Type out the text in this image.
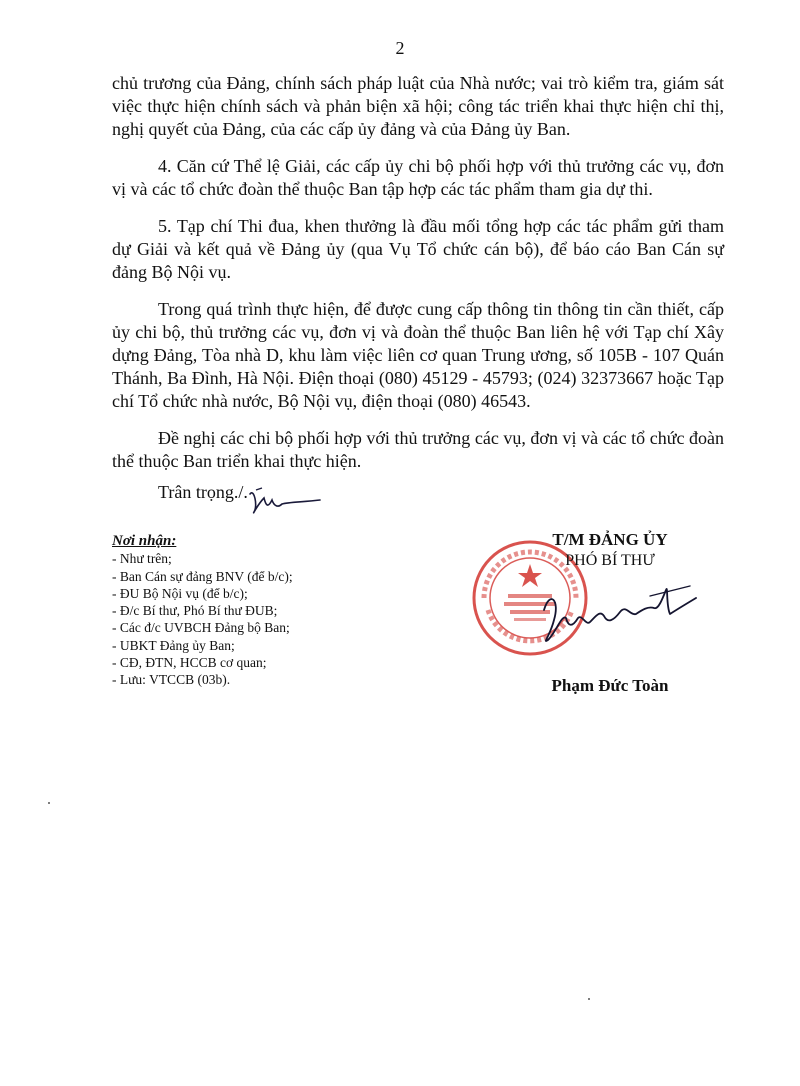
2

chủ trương của Đảng, chính sách pháp luật của Nhà nước; vai trò kiểm tra, giám sát việc thực hiện chính sách và phản biện xã hội; công tác triển khai thực hiện chỉ thị, nghị quyết của Đảng, của các cấp ủy đảng và của Đảng ủy Ban.

4. Căn cứ Thể lệ Giải, các cấp ủy chi bộ phối hợp với thủ trưởng các vụ, đơn vị và các tổ chức đoàn thể thuộc Ban tập hợp các tác phẩm tham gia dự thi.

5. Tạp chí Thi đua, khen thưởng là đầu mối tổng hợp các tác phẩm gửi tham dự Giải và kết quả về Đảng ủy (qua Vụ Tổ chức cán bộ), để báo cáo Ban Cán sự đảng Bộ Nội vụ.

Trong quá trình thực hiện, để được cung cấp thông tin thông tin cần thiết, cấp ủy chi bộ, thủ trưởng các vụ, đơn vị và đoàn thể thuộc Ban liên hệ với Tạp chí Xây dựng Đảng, Tòa nhà D, khu làm việc liên cơ quan Trung ương, số 105B - 107 Quán Thánh, Ba Đình, Hà Nội. Điện thoại (080) 45129 - 45793; (024) 32373667 hoặc Tạp chí Tổ chức nhà nước, Bộ Nội vụ, điện thoại (080) 46543.

Đề nghị các chi bộ phối hợp với thủ trưởng các vụ, đơn vị và các tổ chức đoàn thể thuộc Ban triển khai thực hiện.

Trân trọng./.
Nơi nhận:
- Như trên;
- Ban Cán sự đảng BNV (để b/c);
- ĐU Bộ Nội vụ (để b/c);
- Đ/c Bí thư, Phó Bí thư ĐUB;
- Các đ/c UVBCH Đảng bộ Ban;
- UBKT Đảng ủy Ban;
- CĐ, ĐTN, HCCB cơ quan;
- Lưu: VTCCB (03b).
T/M ĐẢNG ỦY
PHÓ BÍ THƯ
Phạm Đức Toàn
